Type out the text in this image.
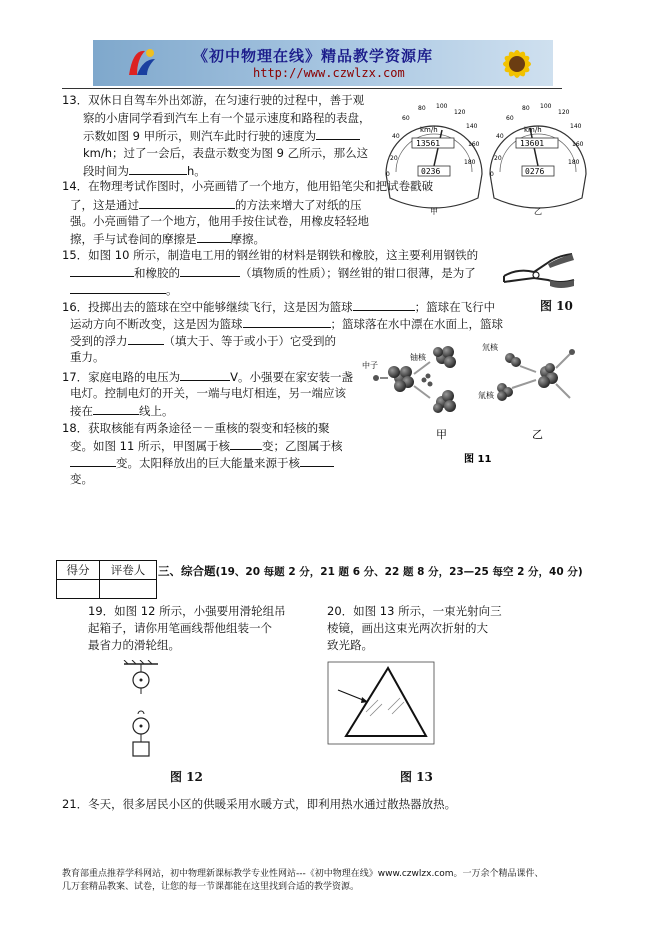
《初中物理在线》精品教学资源库
http://www.czwlzx.com
13．双休日自驾车外出郊游，在匀速行驶的过程中，善于观
察的小唐同学看到汽车上有一个显示速度和路程的表盘，
示数如图 9 甲所示，则汽车此时行驶的速度为
km/h；过了一会后，表盘示数变为图 9 乙所示，那么这
段时间为	h。
km/h
13561
0236
20
40
60
80 100
120
140
160
180
0
甲
km/h
13601
0276
20
40
60
80 100
120
140
160
180
0
乙
14．在物理考试作图时，小亮画错了一个地方，他用铅笔尖和把试卷戳破
了，这是通过	的方法来增大了对纸的压
强。小亮画错了一个地方，他用手按住试卷，用橡皮轻轻地
擦，手与试卷间的摩擦是	摩擦。
15．如图 10 所示，制造电工用的钢丝钳的材料是钢铁和橡胶，这主要利用钢铁的
和橡胶的	（填物质的性质）；钢丝钳的钳口很薄，是为了
。
图 10
16．投掷出去的篮球在空中能够继续飞行，这是因为篮球	；篮球在飞行中
运动方向不断改变，这是因为篮球	；篮球落在水中漂在水面上，篮球
受到的浮力	（填大于、等于或小于）它受到的
重力。
17．家庭电路的电压为	V。小强要在家安装一盏
电灯。控制电灯的开关，一端与电灯相连，另一端应该
接在	线上。
18．获取核能有两条途径－－重核的裂变和轻核的聚
变。如图 11 所示，甲图属于核	变；乙图属于核
变。太阳释放出的巨大能量来源于核
变。
中子
铀核
氘核
氚核
甲	乙
图 11
得分	评卷人
	三、综合题(19、20 每题 2 分，21 题 6 分、22 题 8 分，23—25 每空 2 分，40 分)
19．如图 12 所示，小强要用滑轮组吊
起箱子，请你用笔画线帮他组装一个
最省力的滑轮组。
图 12
20．如图 13 所示，一束光射向三
棱镜，画出这束光两次折射的大
致光路。
图 13
21．冬天，很多居民小区的供暖采用水暖方式，即利用热水通过散热器放热。
教育部重点推荐学科网站，初中物理新课标教学专业性网站---《初中物理在线》www.czwlzx.com。一万余个精品课件、
几万套精品教案、试卷，让您的每一节课都能在这里找到合适的教学资源。
